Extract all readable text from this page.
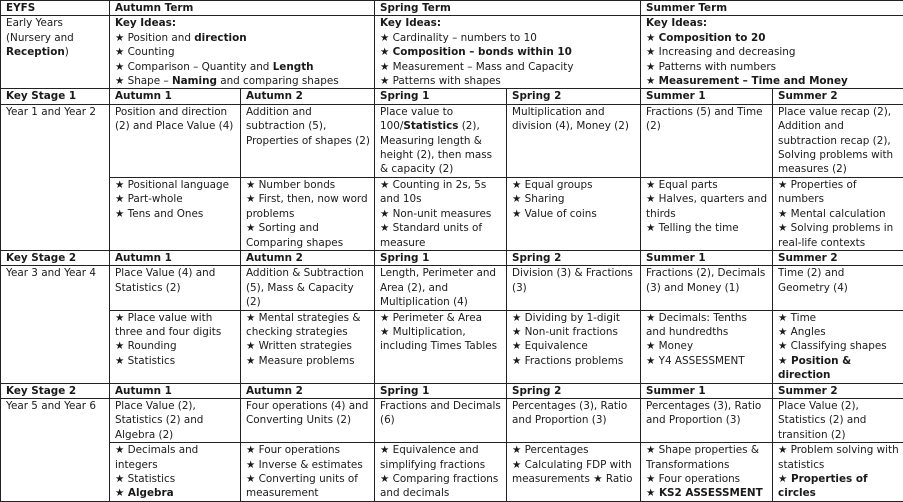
EYFS	Autumn Term		Spring Term		Summer Term	
Early Years (Nursery and Reception)	Key Ideas:
★ Position and direction
★ Counting
★ Comparison – Quantity and Length
★ Shape – Naming and comparing shapes		Key Ideas:
★ Cardinality – numbers to 10
★ Composition – bonds within 10
★ Measurement – Mass and Capacity
★ Patterns with shapes		Key Ideas:
★ Composition to 20
★ Increasing and decreasing
★ Patterns with numbers
★ Measurement – Time and Money	

Key Stage 1	Autumn 1	Autumn 2	Spring 1	Spring 2	Summer 1	Summer 2
Year 1 and Year 2	Position and direction (2) and Place Value (4)	Addition and subtraction (5), Properties of shapes (2)	Place value to 100/Statistics (2), Measuring length & height (2), then mass & capacity (2)	Multiplication and division (4), Money (2)	Fractions (5) and Time (2)	Place value recap (2), Addition and subtraction recap (2), Solving problems with measures (2)

	★ Positional language
★ Part-whole
★ Tens and Ones	★ Number bonds
★ First, then, now word problems
★ Sorting and Comparing shapes	★ Counting in 2s, 5s and 10s
★ Non-unit measures
★ Standard units of measure	★ Equal groups
★ Sharing
★ Value of coins	★ Equal parts
★ Halves, quarters and thirds
★ Telling the time	★ Properties of numbers
★ Mental calculation
★ Solving problems in real-life contexts

Key Stage 2	Autumn 1	Autumn 2	Spring 1	Spring 2	Summer 1	Summer 2
Year 3 and Year 4	Place Value (4) and Statistics (2)	Addition & Subtraction (5), Mass & Capacity (2)	Length, Perimeter and Area (2), and Multiplication (4)	Division (3) & Fractions (3)	Fractions (2), Decimals (3) and Money (1)	Time (2) and Geometry (4)

	★ Place value with three and four digits
★ Rounding
★ Statistics	★ Mental strategies & checking strategies
★ Written strategies
★ Measure problems	★ Perimeter & Area
★ Multiplication, including Times Tables	★ Dividing by 1-digit
★ Non-unit fractions
★ Equivalence
★ Fractions problems	★ Decimals: Tenths and hundredths
★ Money
★ Y4 ASSESSMENT	★ Time
★ Angles
★ Classifying shapes
★ Position & direction

Key Stage 2	Autumn 1	Autumn 2	Spring 1	Spring 2	Summer 1	Summer 2
Year 5 and Year 6	Place Value (2), Statistics (2) and Algebra (2)	Four operations (4) and Converting Units (2)	Fractions and Decimals (6)	Percentages (3), Ratio and Proportion (3)	Percentages (3), Ratio and Proportion (3)	Place Value (2), Statistics (2) and transition (2)

	★ Decimals and integers
★ Statistics
★ Algebra	★ Four operations
★ Inverse & estimates
★ Converting units of measurement	★ Equivalence and simplifying fractions
★ Comparing fractions and decimals	★ Percentages
★ Calculating FDP with measurements ★ Ratio	★ Shape properties & Transformations
★ Four operations
★ KS2 ASSESSMENT	★ Problem solving with statistics
★ Properties of circles
